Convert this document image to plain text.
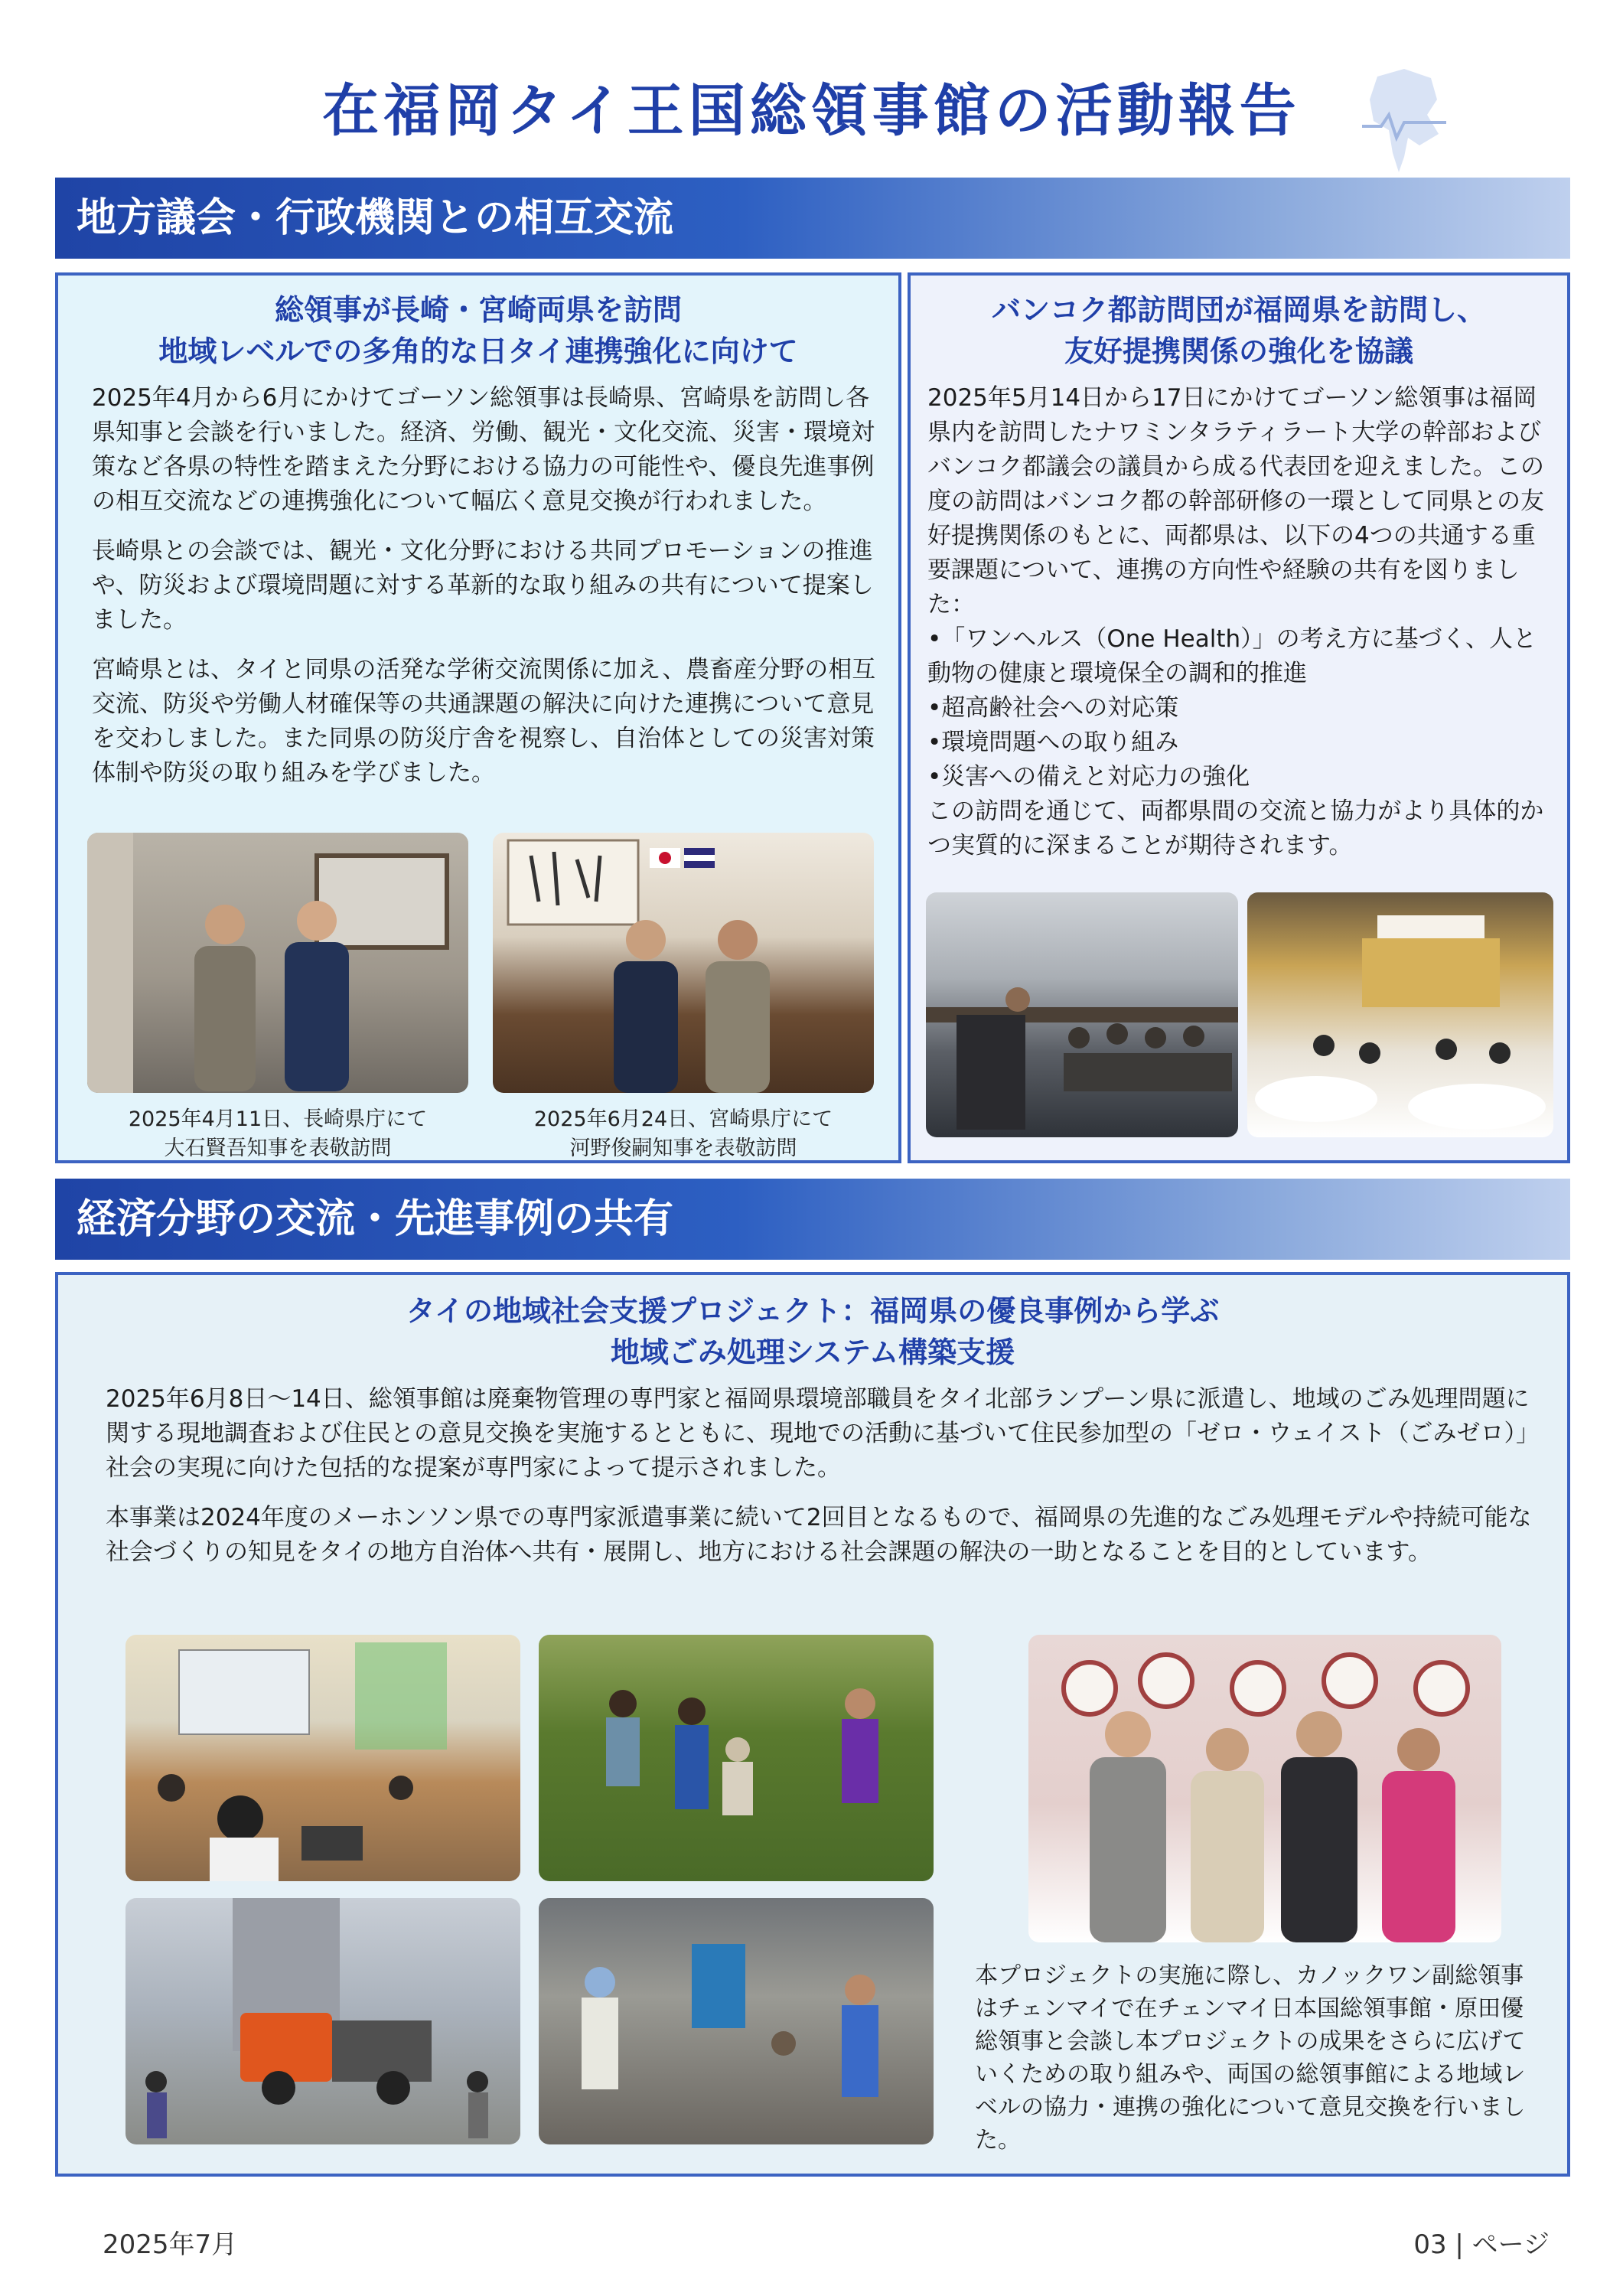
在福岡タイ王国総領事館の活動報告
地方議会・行政機関との相互交流
総領事が長崎・宮崎両県を訪問
地域レベルでの多角的な日タイ連携強化に向けて

2025年4月から6月にかけてゴーソン総領事は長崎県、宮崎県を訪問し各県知事と会談を行いました。経済、労働、観光・文化交流、災害・環境対策など各県の特性を踏まえた分野における協力の可能性や、優良先進事例の相互交流などの連携強化について幅広く意見交換が行われました。

長崎県との会談では、観光・文化分野における共同プロモーションの推進や、防災および環境問題に対する革新的な取り組みの共有について提案しました。

宮崎県とは、タイと同県の活発な学術交流関係に加え、農畜産分野の相互交流、防災や労働人材確保等の共通課題の解決に向けた連携について意見を交わしました。また同県の防災庁舎を視察し、自治体としての災害対策体制や防災の取り組みを学びました。

2025年4月11日、長崎県庁にて
大石賢吾知事を表敬訪問
2025年6月24日、宮崎県庁にて
河野俊嗣知事を表敬訪問
バンコク都訪問団が福岡県を訪問し、
友好提携関係の強化を協議
2025年5月14日から17日にかけてゴーソン総領事は福岡県内を訪問したナワミンタラティラート大学の幹部およびバンコク都議会の議員から成る代表団を迎えました。この度の訪問はバンコク都の幹部研修の一環として同県との友好提携関係のもとに、両都県は、以下の4つの共通する重要課題について、連携の方向性や経験の共有を図りました：
•「ワンヘルス（One Health）」の考え方に基づく、人と動物の健康と環境保全の調和的推進
•超高齢社会への対応策
•環境問題への取り組み
•災害への備えと対応力の強化
この訪問を通じて、両都県間の交流と協力がより具体的かつ実質的に深まることが期待されます。
経済分野の交流・先進事例の共有
タイの地域社会支援プロジェクト：福岡県の優良事例から学ぶ
地域ごみ処理システム構築支援

2025年6月8日〜14日、総領事館は廃棄物管理の専門家と福岡県環境部職員をタイ北部ランプーン県に派遣し、地域のごみ処理問題に関する現地調査および住民との意見交換を実施するとともに、現地での活動に基づいて住民参加型の「ゼロ・ウェイスト（ごみゼロ）」社会の実現に向けた包括的な提案が専門家によって提示されました。

本事業は2024年度のメーホンソン県での専門家派遣事業に続いて2回目となるもので、福岡県の先進的なごみ処理モデルや持続可能な社会づくりの知見をタイの地方自治体へ共有・展開し、地方における社会課題の解決の一助となることを目的としています。

本プロジェクトの実施に際し、カノックワン副総領事はチェンマイで在チェンマイ日本国総領事館・原田優総領事と会談し本プロジェクトの成果をさらに広げていくための取り組みや、両国の総領事館による地域レベルの協力・連携の強化について意見交換を行いました。
2025年7月	03 | ページ
